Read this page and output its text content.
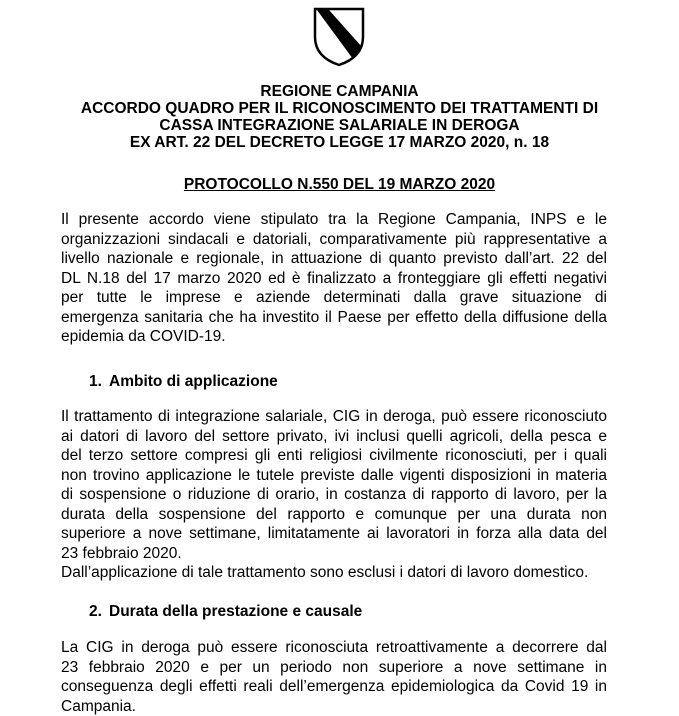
REGIONE CAMPANIA
ACCORDO QUADRO PER IL RICONOSCIMENTO DEI TRATTAMENTI DI
CASSA INTEGRAZIONE SALARIALE IN DEROGA
EX ART. 22 DEL DECRETO LEGGE 17 MARZO 2020, n. 18
PROTOCOLLO N.550 DEL 19 MARZO 2020
Il presente accordo viene stipulato tra la Regione Campania, INPS e le
organizzazioni sindacali e datoriali, comparativamente più rappresentative a
livello nazionale e regionale, in attuazione di quanto previsto dall’art. 22 del
DL N.18 del 17 marzo 2020 ed è finalizzato a fronteggiare gli effetti negativi
per tutte le imprese e aziende determinati dalla grave situazione di
emergenza sanitaria che ha investito il Paese per effetto della diffusione della
epidemia da COVID-19.
1. Ambito di applicazione
Il trattamento di integrazione salariale, CIG in deroga, può essere riconosciuto
ai datori di lavoro del settore privato, ivi inclusi quelli agricoli, della pesca e
del terzo settore compresi gli enti religiosi civilmente riconosciuti, per i quali
non trovino applicazione le tutele previste dalle vigenti disposizioni in materia
di sospensione o riduzione di orario, in costanza di rapporto di lavoro, per la
durata della sospensione del rapporto e comunque per una durata non
superiore a nove settimane, limitatamente ai lavoratori in forza alla data del
23 febbraio 2020.
Dall’applicazione di tale trattamento sono esclusi i datori di lavoro domestico.
2. Durata della prestazione e causale
La CIG in deroga può essere riconosciuta retroattivamente a decorrere dal
23 febbraio 2020 e per un periodo non superiore a nove settimane in
conseguenza degli effetti reali dell’emergenza epidemiologica da Covid 19 in
Campania.
